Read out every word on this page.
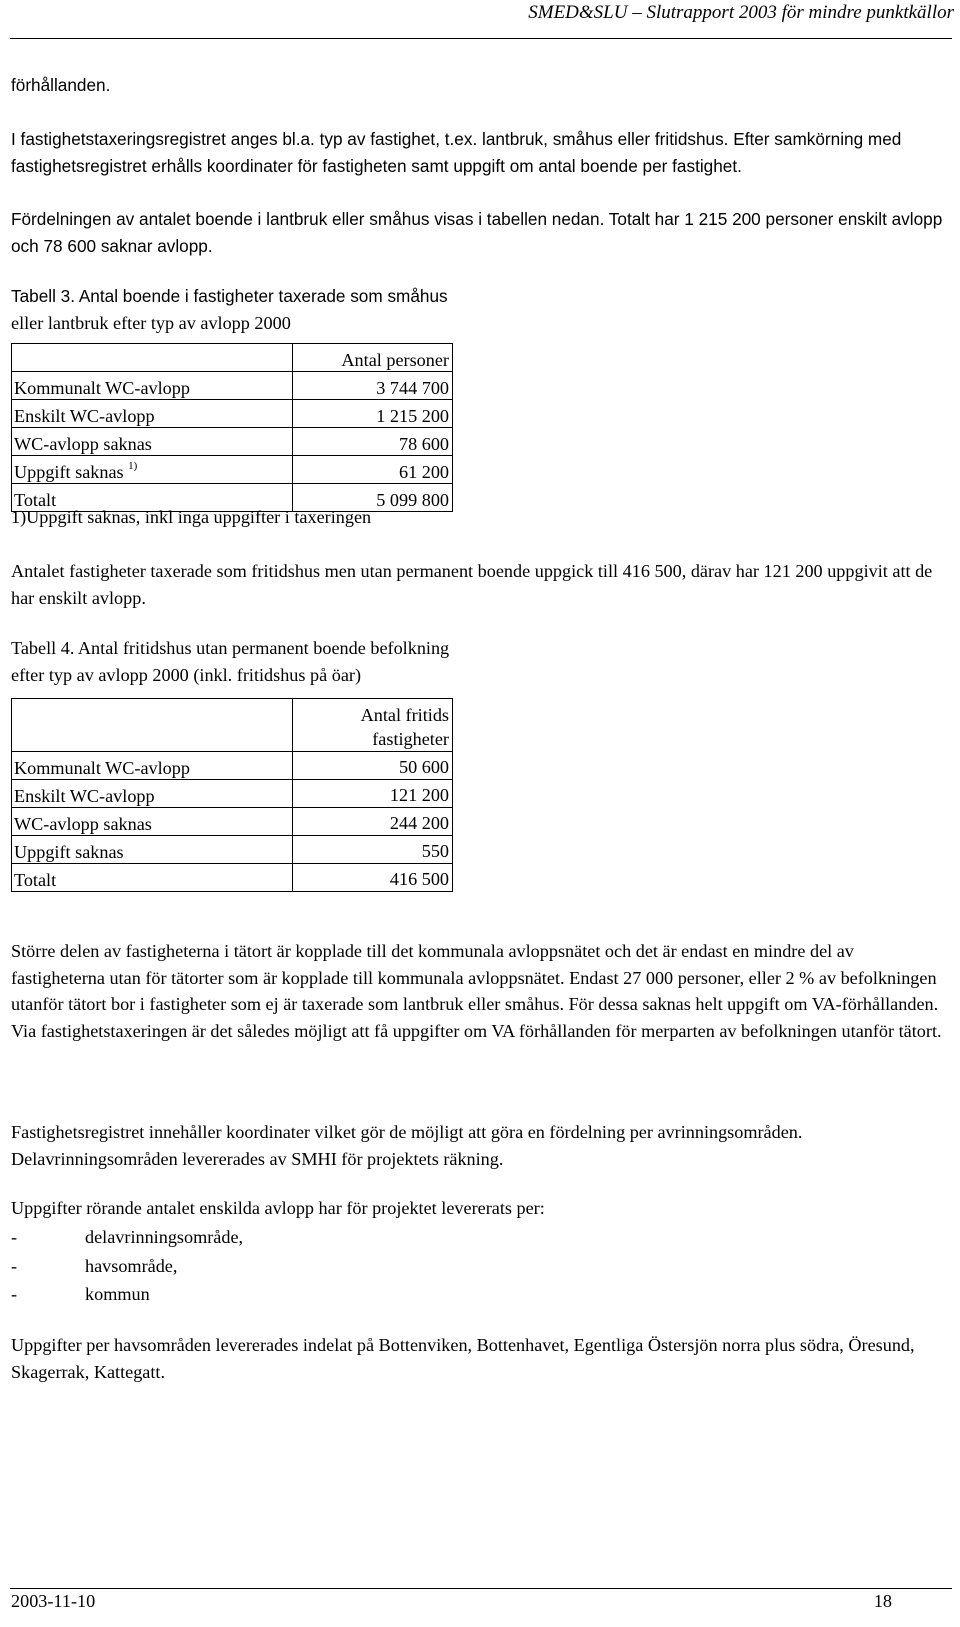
SMED&SLU – Slutrapport 2003 för mindre punktkällor

förhållanden.

I fastighetstaxeringsregistret anges bl.a. typ av fastighet, t.ex. lantbruk, småhus eller fritidshus. Efter samkörning med fastighetsregistret erhålls koordinater för fastigheten samt uppgift om antal boende per fastighet.

Fördelningen av antalet boende i lantbruk eller småhus visas i tabellen nedan. Totalt har 1 215 200 personer enskilt avlopp och 78 600 saknar avlopp.

Tabell 3. Antal boende i fastigheter taxerade som småhus
eller lantbruk efter typ av avlopp 2000
	Antal personer
Kommunalt WC-avlopp	3 744 700
Enskilt WC-avlopp	1 215 200
WC-avlopp saknas	78 600
Uppgift saknas $^{1)}$	61 200
Totalt	5 099 800
1)Uppgift saknas, inkl inga uppgifter i taxeringen

Antalet fastigheter taxerade som fritidshus men utan permanent boende uppgick till 416 500, därav har 121 200 uppgivit att de har enskilt avlopp.

Tabell 4. Antal fritidshus utan permanent boende befolkning
efter typ av avlopp 2000 (inkl. fritidshus på öar)

	Antal fritids
fastigheter

Kommunalt WC-avlopp	50 600
Enskilt WC-avlopp	121 200
WC-avlopp saknas	244 200
Uppgift saknas	550
Totalt	416 500

Större delen av fastigheterna i tätort är kopplade till det kommunala avloppsnätet och det är endast en mindre del av fastigheterna utan för tätorter som är kopplade till kommunala avloppsnätet. Endast 27 000 personer, eller 2 % av befolkningen utanför tätort bor i fastigheter som ej är taxerade som lantbruk eller småhus. För dessa saknas helt uppgift om VA-förhållanden. Via fastighetstaxeringen är det således möjligt att få uppgifter om VA förhållanden för merparten av befolkningen utanför tätort.

Fastighetsregistret innehåller koordinater vilket gör de möjligt att göra en fördelning per avrinningsområden. Delavrinningsområden levererades av SMHI för projektets räkning.

Uppgifter rörande antalet enskilda avlopp har för projektet levererats per:

-	delavrinningsområde,
-	havsområde,
-	kommun

Uppgifter per havsområden levererades indelat på Bottenviken, Bottenhavet, Egentliga Östersjön norra plus södra, Öresund, Skagerrak, Kattegatt.

2003-11-10	18
